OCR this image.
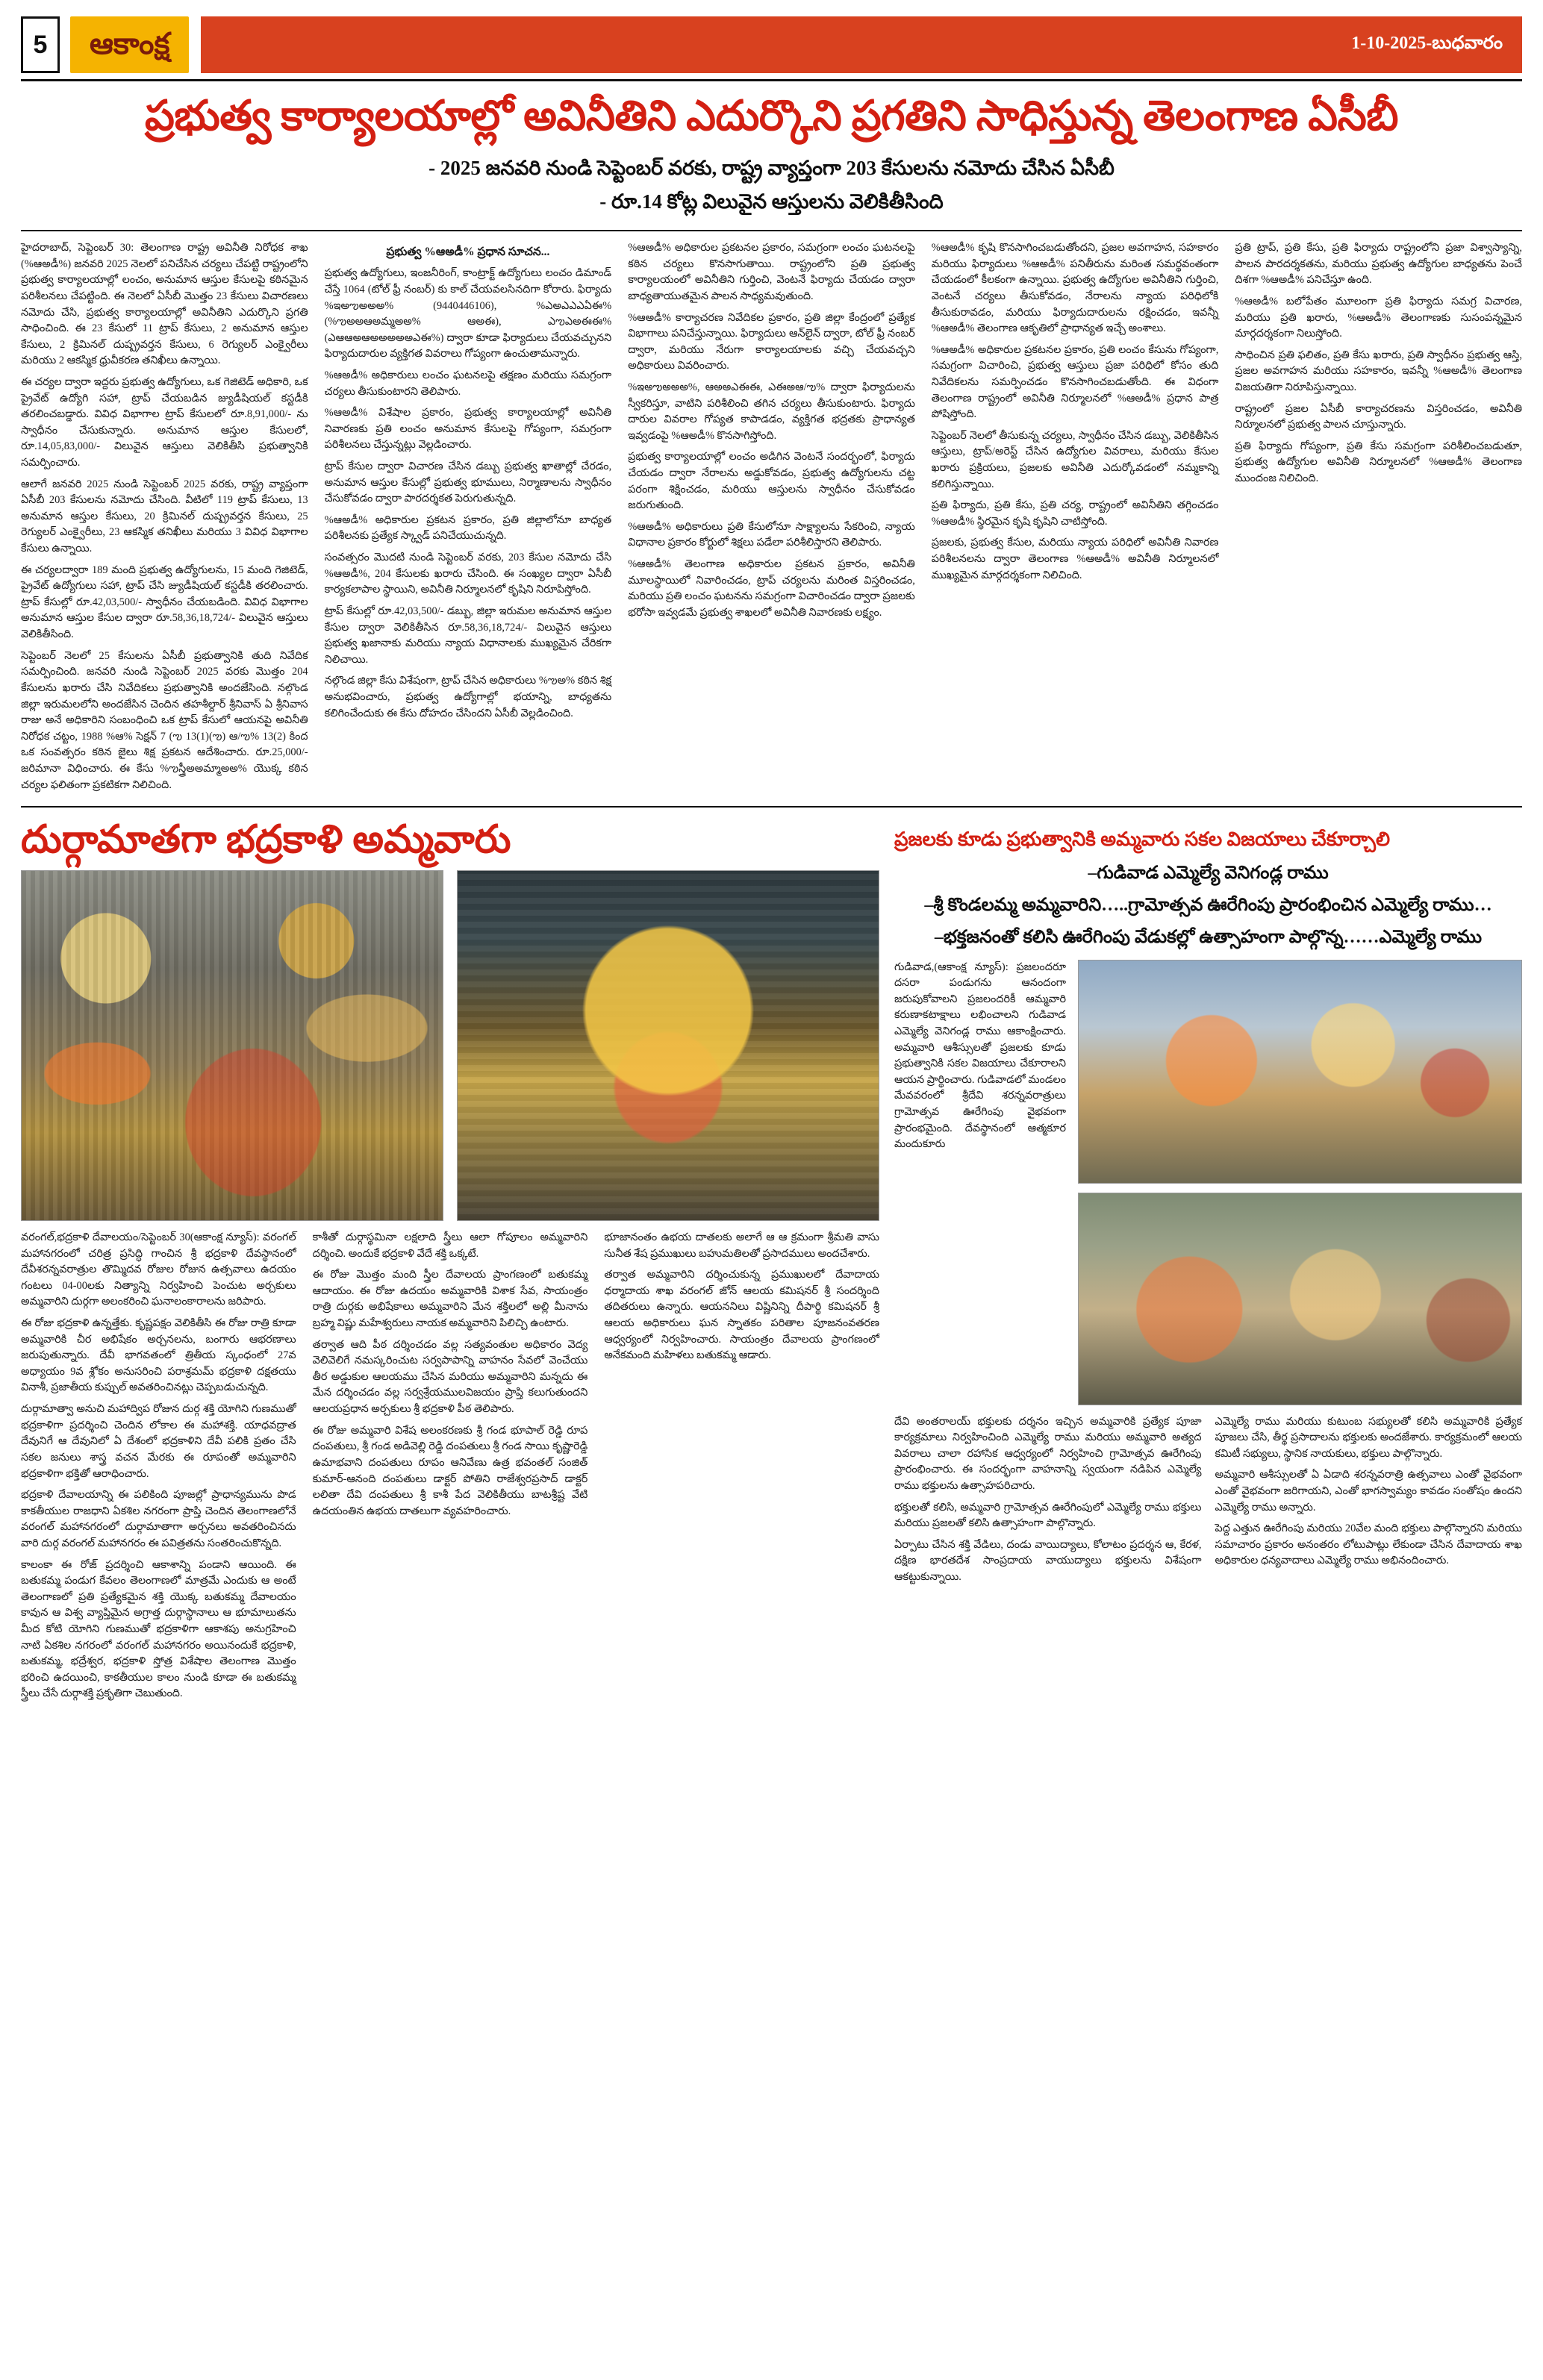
5	ఆకాంక్ష	1-10-2025-బుధవారం
ప్రభుత్వ కార్యాలయాల్లో అవినీతిని ఎదుర్కొని ప్రగతిని సాధిస్తున్న తెలంగాణ ఏసీబీ
- 2025 జనవరి నుండి సెప్టెంబర్ వరకు, రాష్ట్ర వ్యాప్తంగా 203 కేసులను నమోదు చేసిన ఏసీబీ
- రూ.14 కోట్ల విలువైన ఆస్తులను వెలికితీసింది

హైదరాబాద్, సెప్టెంబర్ 30: తెలంగాణ రాష్ట్ర అవినీతి నిరోధక శాఖ (%ఆఅడీ%) జనవరి 2025 నెలలో పనిచేసిన చర్యలు చేపట్టి రాష్ట్రంలోని ప్రభుత్వ కార్యాలయాల్లో లంచం, అనుమాన ఆస్తుల కేసులపై కఠినమైన పరిశీలనలు చేపట్టింది. ఈ నెలలో ఏసీబీ మొత్తం 23 కేసులు విచారణలు నమోదు చేసి, ప్రభుత్వ కార్యాలయాల్లో అవినీతిని ఎదుర్కొని ప్రగతి సాధించింది. ఈ 23 కేసులో 11 ట్రాప్ కేసులు, 2 అనుమాన ఆస్తుల కేసులు, 2 క్రిమినల్ దుష్ప్రవర్తన కేసులు, 6 రెగ్యులర్ ఎంక్వైరీలు మరియు 2 ఆకస్మిక ధ్రువీకరణ తనిఖీలు ఉన్నాయి.

ఈ చర్యల ద్వారా ఇద్దరు ప్రభుత్వ ఉద్యోగులు, ఒక గెజిటెడ్ అధికారి, ఒక ప్రైవేట్ ఉద్యోగి సహా, ట్రాప్ చేయబడిన జ్యుడీషియల్ కస్టడీకి తరలించబడ్డారు. వివిధ విభాగాల ట్రాప్ కేసులలో రూ.8,91,000/- ను స్వాధీనం చేసుకున్నారు. అనుమాన ఆస్తుల కేసులలో, రూ.14,05,83,000/- విలువైన ఆస్తులు వెలికితీసి ప్రభుత్వానికి సమర్పించారు.

ఆలాగే జనవరి 2025 నుండి సెప్టెంబర్ 2025 వరకు, రాష్ట్ర వ్యాప్తంగా ఏసీబీ 203 కేసులను నమోదు చేసింది. వీటిలో 119 ట్రాప్ కేసులు, 13 అనుమాన ఆస్తుల కేసులు, 20 క్రిమినల్ దుష్ప్రవర్తన కేసులు, 25 రెగ్యులర్ ఎంక్వైరీలు, 23 ఆకస్మిక తనిఖీలు మరియు 3 వివిధ విభాగాల కేసులు ఉన్నాయి.

ఈ చర్యలద్వారా 189 మంది ప్రభుత్వ ఉద్యోగులను, 15 మంది గెజిటెడ్, ప్రైవేట్ ఉద్యోగులు సహా, ట్రాప్ చేసి జ్యుడీషియల్ కస్టడీకి తరలించారు. ట్రాప్ కేసుల్లో రూ.42,03,500/- స్వాధీనం చేయబడింది. వివిధ విభాగాల అనుమాన ఆస్తుల కేసుల ద్వారా రూ.58,36,18,724/- విలువైన ఆస్తులు వెలికితీసింది.

సెప్టెంబర్ నెలలో 25 కేసులను ఏసీబీ ప్రభుత్వానికి తుది నివేదిక సమర్పించింది. జనవరి నుండి సెప్టెంబర్ 2025 వరకు మొత్తం 204 కేసులను ఖరారు చేసి నివేదికలు ప్రభుత్వానికి అందజేసింది. నల్గొండ జిల్లా ఇరుమలలోని అందజేసిన చెందిన తహశీల్దార్ శ్రీనివాస్ ఏ శ్రీనివాస రాజు అనే అధికారిని సంబంధించి ఒక ట్రాప్ కేసులో ఆయనపై అవినీతి నిరోధక చట్టం, 1988 %ఆ% సెక్షన్ 7 (ఌ 13(1)(ఌ) ఆ/ఌ% 13(2) కింద ఒక సంవత్సరం కఠిన జైలు శిక్ష ప్రకటన ఆదేశించారు. రూ.25,000/- జరిమానా విధించారు. ఈ కేసు %ఌస్త్రీఅఅమ్మాఅఅ% యొక్క కఠిన చర్యల ఫలితంగా ప్రకటికగా నిలిచింది.

ప్రభుత్వ %ఆఅడీ% ప్రధాన సూచన...

ప్రభుత్వ ఉద్యోగులు, ఇంజనీరింగ్, కాంట్రాక్ట్ ఉద్యోగులు లంచం డిమాండ్ చేస్తే 1064 (టోల్ ఫ్రీ నంబర్) కు కాల్ చేయవలసినదిగా కోరారు. ఫిర్యాదు %ఇఅఌఅఅఅ% (9440446106), %ఎఅఎఎఎఏఈ% (%ఌఅఅఆఅమ్మఅఅ% ఆఅఈ), ఎఌఎఅఈఈ% (ఎఆఆఅఆఅఅఅఅఅఎఈ%) ద్వారా కూడా ఫిర్యాదులు చేయవచ్చునని ఫిర్యాదుదారుల వ్యక్తిగత వివరాలు గోప్యంగా ఉంచుతామన్నారు.

%ఆఅడీ% అధికారులు లంచం ఘటనలపై తక్షణం మరియు సమగ్రంగా చర్యలు తీసుకుంటారని తెలిపారు.

%ఆఅడీ% విశేషాల ప్రకారం, ప్రభుత్వ కార్యాలయాల్లో అవినీతి నివారణకు ప్రతి లంచం అనుమాన కేసులపై గోప్యంగా, సమగ్రంగా పరిశీలనలు చేస్తున్నట్లు వెల్లడించారు.

ట్రాప్ కేసుల ద్వారా విచారణ చేసిన డబ్బు ప్రభుత్వ ఖాతాల్లో చేరడం, అనుమాన ఆస్తుల కేసుల్లో ప్రభుత్వ భూములు, నిర్మాణాలను స్వాధీనం చేసుకోవడం ద్వారా పారదర్శకత పెరుగుతున్నది.

%ఆఅడీ% అధికారుల ప్రకటన ప్రకారం, ప్రతి జిల్లాలోనూ బాధ్యత పరిశీలనకు ప్రత్యేక స్క్వాడ్ పనిచేయుచున్నది.

సంవత్సరం మొదటి నుండి సెప్టెంబర్ వరకు, 203 కేసుల నమోదు చేసి %ఆఅడీ%, 204 కేసులకు ఖరారు చేసింది. ఈ సంఖ్యల ద్వారా ఏసీబీ కార్యకలాపాల స్థాయిని, అవినీతి నిర్మూలనలో కృషిని నిరూపిస్తోంది.

ట్రాప్ కేసుల్లో రూ.42,03,500/- డబ్బు, జిల్లా ఇరుమల అనుమాన ఆస్తుల కేసుల ద్వారా వెలికితీసిన రూ.58,36,18,724/- విలువైన ఆస్తులు ప్రభుత్వ ఖజానాకు మరియు న్యాయ విధానాలకు ముఖ్యమైన చేరికగా నిలిచాయి.

నల్గొండ జిల్లా కేసు విశేషంగా, ట్రాప్ చేసిన అధికారులు %ఌఅ% కఠిన శిక్ష అనుభవించారు, ప్రభుత్వ ఉద్యోగాల్లో భయాన్ని, బాధ్యతను కలిగించేందుకు ఈ కేసు దోహదం చేసిందని ఏసీబీ వెల్లడించింది.

%ఆఅడీ% అధికారుల ప్రకటనల ప్రకారం, సమగ్రంగా లంచం ఘటనలపై కఠిన చర్యలు కొనసాగుతాయి. రాష్ట్రంలోని ప్రతి ప్రభుత్వ కార్యాలయంలో అవినీతిని గుర్తించి, వెంటనే ఫిర్యాదు చేయడం ద్వారా బాధ్యతాయుతమైన పాలన సాధ్యమవుతుంది.

%ఆఅడీ% కార్యాచరణ నివేదికల ప్రకారం, ప్రతి జిల్లా కేంద్రంలో ప్రత్యేక విభాగాలు పనిచేస్తున్నాయి. ఫిర్యాదులు ఆన్‌లైన్ ద్వారా, టోల్ ఫ్రీ నంబర్ ద్వారా, మరియు నేరుగా కార్యాలయాలకు వచ్చి చేయవచ్చని అధికారులు వివరించారు.

%ఇఅఌఅఅఅ%, ఆఅఅఎఈఈ, ఎఈఅఆ/ఌ% ద్వారా ఫిర్యాదులను స్వీకరిస్తూ, వాటిని పరిశీలించి తగిన చర్యలు తీసుకుంటారు. ఫిర్యాదు దారుల వివరాల గోప్యత కాపాడడం, వ్యక్తిగత భద్రతకు ప్రాధాన్యత ఇవ్వడంపై %ఆఅడీ% కొనసాగిస్తోంది.

ప్రభుత్వ కార్యాలయాల్లో లంచం అడిగిన వెంటనే సందర్భంలో, ఫిర్యాదు చేయడం ద్వారా నేరాలను అడ్డుకోవడం, ప్రభుత్వ ఉద్యోగులను చట్ట పరంగా శిక్షించడం, మరియు ఆస్తులను స్వాధీనం చేసుకోవడం జరుగుతుంది.

%ఆఅడీ% అధికారులు ప్రతి కేసులోనూ సాక్ష్యాలను సేకరించి, న్యాయ విధానాల ప్రకారం కోర్టులో శిక్షలు పడేలా పరిశీలిస్తారని తెలిపారు.

%ఆఅడీ% తెలంగాణ అధికారుల ప్రకటన ప్రకారం, అవినీతి మూలస్థాయిలో నివారించడం, ట్రాప్ చర్యలను మరింత విస్తరించడం, మరియు ప్రతి లంచం ఘటనను సమగ్రంగా విచారించడం ద్వారా ప్రజలకు భరోసా ఇవ్వడమే ప్రభుత్వ శాఖలలో అవినీతి నివారణకు లక్ష్యం.

%ఆఅడీ% కృషి కొనసాగించబడుతోందని, ప్రజల అవగాహన, సహకారం మరియు ఫిర్యాదులు %ఆఅడీ% పనితీరును మరింత సమర్థవంతంగా చేయడంలో కీలకంగా ఉన్నాయి. ప్రభుత్వ ఉద్యోగుల అవినీతిని గుర్తించి, వెంటనే చర్యలు తీసుకోవడం, నేరాలను న్యాయ పరిధిలోకి తీసుకురావడం, మరియు ఫిర్యాదుదారులను రక్షించడం, ఇవన్నీ %ఆఅడీ% తెలంగాణ ఆకృతిలో ప్రాధాన్యత ఇచ్చే అంశాలు.

%ఆఅడీ% అధికారుల ప్రకటనల ప్రకారం, ప్రతి లంచం కేసును గోప్యంగా, సమగ్రంగా విచారించి, ప్రభుత్వ ఆస్తులు ప్రజా పరిధిలో కోసం తుది నివేదికలను సమర్పించడం కొనసాగించబడుతోంది. ఈ విధంగా తెలంగాణ రాష్ట్రంలో అవినీతి నిర్మూలనలో %ఆఅడీ% ప్రధాన పాత్ర పోషిస్తోంది.

సెప్టెంబర్ నెలలో తీసుకున్న చర్యలు, స్వాధీనం చేసిన డబ్బు, వెలికితీసిన ఆస్తులు, ట్రాప్/అరెస్ట్ చేసిన ఉద్యోగుల వివరాలు, మరియు కేసుల ఖరారు ప్రక్రియలు, ప్రజలకు అవినీతి ఎదుర్కోవడంలో నమ్మకాన్ని కలిగిస్తున్నాయి.

ప్రతి ఫిర్యాదు, ప్రతి కేసు, ప్రతి చర్య, రాష్ట్రంలో అవినీతిని తగ్గించడం %ఆఅడీ% స్థిరమైన కృషి కృషిని చాటిస్తోంది.

ప్రజలకు, ప్రభుత్వ కేసుల, మరియు న్యాయ పరిధిలో అవినీతి నివారణ పరిశీలనలను ద్వారా తెలంగాణ %ఆఅడీ% అవినీతి నిర్మూలనలో ముఖ్యమైన మార్గదర్శకంగా నిలిచింది.

ప్రతి ట్రాప్, ప్రతి కేసు, ప్రతి ఫిర్యాదు రాష్ట్రంలోని ప్రజా విశ్వాస్యాన్ని, పాలన పారదర్శకతను, మరియు ప్రభుత్వ ఉద్యోగుల బాధ్యతను పెంచే దిశగా %ఆఅడీ% పనిచేస్తూ ఉంది.

%ఆఅడీ% బలోపేతం మూలంగా ప్రతి ఫిర్యాదు సమగ్ర విచారణ, మరియు ప్రతి ఖరారు, %ఆఅడీ% తెలంగాణకు సుసంపన్నమైన మార్గదర్శకంగా నిలుస్తోంది.

సాధించిన ప్రతి ఫలితం, ప్రతి కేసు ఖరారు, ప్రతి స్వాధీనం ప్రభుత్వ ఆస్తి, ప్రజల అవగాహన మరియు సహకారం, ఇవన్నీ %ఆఅడీ% తెలంగాణ విజయతిగా నిరూపిస్తున్నాయి.

రాష్ట్రంలో ప్రజల ఏసీబీ కార్యాచరణను విస్తరించడం, అవినీతి నిర్మూలనలో ప్రభుత్వ పాలన చూస్తున్నారు.

ప్రతి ఫిర్యాదు గోప్యంగా, ప్రతి కేసు సమగ్రంగా పరిశీలించబడుతూ, ప్రభుత్వ ఉద్యోగుల అవినీతి నిర్మూలనలో %ఆఅడీ% తెలంగాణ ముందంజ నిలిచింది.

దుర్గామాతగా భద్రకాళి అమ్మవారు

వరంగల్,భద్రకాళి దేవాలయం/సెప్టెంబర్ 30(ఆకాంక్ష న్యూస్): వరంగల్ మహానగరంలో చరిత్ర ప్రసిద్ధి గాంచిన శ్రీ భద్రకాళి దేవస్థానంలో దేవీశరన్నవరాత్రుల తొమ్మిదవ రోజుల రోజున ఉత్సవాలు ఉదయం గంటలు 04-00లకు నిత్యాన్ని నిర్వహించి పెంచుట అర్చకులు అమ్మవారిని దుర్గగా అలంకరించి ఘనాలంకారాలను జరిపారు.

ఈ రోజు భద్రకాళి ఉన్నత్తేకు. కృష్ణపక్షం వెలికితీసి ఈ రోజు రాత్రి కూడా అమ్మవారికి చీర అభిషేకం అర్చనలను, బంగారు ఆభరణాలు జరుపుతున్నారు. దేవీ భాగవతంలో త్రితీయ స్కంధంలో 27వ అధ్యాయం 9వ శ్లోకం అనుసరించి పరాశ్రమమ్ భద్రకాళి దక్షతయు వినాశీ, ప్రజాతీయ కుప్పుల్ అవతరించినట్లు చెప్పబడుచున్నది.

దుర్గామాత్వా అనుచి మహాద్విప రోజున దుర్గ శక్తి యోగిని గుణముతో భద్రకాళిగా ప్రదర్శించి చెందిన లోకాల ఈ మహాశక్తి. యాధవద్రాత దేవునిగే ఆ దేవునిలో ఏ దేశంలో భద్రకాళిని దేవీ పలికి ప్రతం చేసి సకల జనులు శాస్త్ర వచన మేరకు ఈ రూపంతో అమ్మవారిని భద్రకాళిగా భక్తితో ఆరాధించారు.

భద్రకాళి దేవాలయాన్ని ఈ పలికింది పూజల్లో ప్రాధాన్యమును పొడ కాకతీయుల రాజధాని ఏకశిల నగరంగా ప్రాప్తి చెందిన తెలంగాణలోనే వరంగల్ మహానగరంలో దుర్గామాతాగా అర్చనలు అవతరించినదు వారి దుర్గ వరంగల్ మహానగరం ఈ పవిత్రతను సంతరించుకొన్నది.

కాలంకా ఈ రోజ్ ప్రదర్శించి ఆకాశాన్ని పండాని ఆయింది. ఈ బతుకమ్మ పండుగ కేవలం తెలంగాణలో మాత్రమే ఎందుకు ఆ అంటే తెలంగాణలో ప్రతి ప్రత్యేకమైన శక్తి యొక్క బతుకమ్మ దేవాలయం కావున ఆ విశ్వ వ్యాప్తిమైన అగ్రాత్త దుర్గాస్థానాలు ఆ భూమాలుతను మీద కోటి యోగిని గుణముతో భద్రకాళిగా ఆకాశపు అనుగ్రహించి నాటి ఏకశిల నగరంలో వరంగల్ మహానగరం అయినందుకే భద్రకాళి, బతుకమ్మ, భద్రేశ్వర, భద్రకాళి స్తోత్ర విశేషాల తెలంగాణ మొత్తం భరించి ఉదయించి, కాకతీయుల కాలం నుండి కూడా ఈ బతుకమ్మ స్త్రీలు చేసే దుర్గాశక్తి ప్రకృతిగా చెబుతుంది.

కాశీతో దుర్గాస్థమినా లక్షలాది స్త్రీలు ఆలా గోపూలం అమ్మవారిని దర్శించి. అందుకే భద్రకాళి వేదే శక్తి ఒక్కటే.

ఈ రోజు మొత్తం మంది స్త్రీల దేవాలయ ప్రాంగణంలో బతుకమ్మ ఆదాయం. ఈ రోజు ఉదయం అమ్మవారికి విశాక సేవ, సాయంత్రం రాత్రి దుర్గకు అభిషేకాలు అమ్మవారిని మేన శక్తిలలో అల్లి మీనాను బ్రహ్మ విష్ణు మహేశ్వరులు నాయక అమ్మవారిని పిలిచ్చి ఉంటారు.

తర్వాత ఆది పీఠ దర్శించడం వల్ల సత్యవంతుల అధికారం వెద్య వెలివెలిగే నమస్కరించుట సర్వపాపాన్ని వాహనం సేవలో వెంచేయు తీర అడ్డుకుల ఆలయము చేసిన మరియు అమ్మవారిని మన్నదు ఈ మేన దర్శించడం వల్ల సర్వశ్రేయములవిజయం ప్రాప్తి కలుగుతుందని ఆలయప్రధాన అర్చకులు శ్రీ భద్రకాళి పీఠ తెలిపారు.

ఈ రోజు అమ్మవారి విశేష అలంకరణకు శ్రీ గండ భూపాల్ రెడ్డి రూప దంపతులు, శ్రీ గండ అడివెల్లి రెడ్డి దంపతులు శ్రీ గండ సాయి కృష్ణారెడ్డి ఉమాభవాని దంపతులు రూపం ఆనివేణు ఉత్ర భవంతల్ సంజిత్ కుమార్-ఆనంది దంపతులు డాక్టర్ పోతిని రాజేశ్వరప్రసాద్ డాక్టర్ లలితా దేవి దంపతులు శ్రీ కాశీ పేద వెలికితీయు బాటశ్రీష్ట వేటి ఉదయంతిన ఉభయ దాతలుగా వ్యవహరించారు.

భూజానంతం ఉభయ దాతలకు అలాగే ఆ ఆ క్రమంగా శ్రీమతి వాసు సునీత శేష ప్రముఖులు బహుమతిలతో ప్రసాదములు అందచేశారు.

తర్వాత అమ్మవారిని దర్శించుకున్న ప్రముఖులలో దేవాదాయ ధర్మాదాయ శాఖ వరంగల్ జోన్ ఆలయ కమిషనర్ శ్రీ సందర్శింది తదితరులు ఉన్నారు. ఆయననిలు విష్ణినిన్ని దీపార్థి కమిషనర్ శ్రీ ఆలయ అధికారులు ఘన స్నాతకం పరితాల పూజనంవతరణ ఆధ్వర్యంలో నిర్వహించారు. సాయంత్రం దేవాలయ ప్రాంగణంలో అనేకమంది మహిళలు బతుకమ్మ ఆడారు.

ప్రజలకు కూడు ప్రభుత్వానికి అమ్మవారు సకల విజయాలు చేకూర్చాలి
–గుడివాడ ఎమ్మెల్యే వెనిగండ్ల రాము
–శ్రీ కొండలమ్మ అమ్మవారిని…..గ్రామోత్సవ ఊరేగింపు ప్రారంభించిన ఎమ్మెల్యే రాము…
–భక్తజనంతో కలిసి ఊరేగింపు వేడుకల్లో ఉత్సాహంగా పాల్గొన్న……ఎమ్మెల్యే రాము

గుడివాడ,(ఆకాంక్ష న్యూస్): ప్రజలందరూ దసరా పండుగను ఆనందంగా జరుపుకోవాలని ప్రజలందరికీ ఆమ్మవారి కరుణాకటాక్షాలు లభించాలని గుడివాడ ఎమ్మెల్యే వెనిగండ్ల రాము ఆకాంక్షించారు. అమ్మవారి ఆశీస్సులతో ప్రజలకు కూడు ప్రభుత్వానికి సకల విజయాలు చేకూరాలని ఆయన ప్రార్థించారు. గుడివాడలో మండలం మేవవరంలో శ్రీదేవి శరన్నవరాత్రులు గ్రామోత్సవ ఊరేగింపు వైభవంగా ప్రారంభమైంది. దేవస్థానంలో ఆత్మకూర మందుకూరు

దేవి అంతరాలయ్ భక్తులకు దర్శనం ఇచ్చిన అమ్మవారికి ప్రత్యేక పూజా కార్యక్రమాలు నిర్వహించింది ఎమ్మెల్యే రాము మరియు అమ్మవారి అత్యద వివరాలు చాలా రహాసిక ఆధ్వర్యంలో నిర్వహించి గ్రామోత్సవ ఊరేగింపు ప్రారంభించారు. ఈ సందర్భంగా వాహనాన్ని స్వయంగా నడిపిన ఎమ్మెల్యే రాము భక్తులను ఉత్సాహపరిచారు.

భక్తులతో కలిసి, అమ్మవారి గ్రామోత్సవ ఊరేగింపులో ఎమ్మెల్యే రాము భక్తులు మరియు ప్రజలతో కలిసి ఉత్సాహంగా పాల్గొన్నారు.

ఏర్పాటు చేసిన శక్తి వేడిలు, దండు వాయిద్యాలు, కోలాటం ప్రదర్శన ఆ, కేరళ, దక్షిణ భారతదేశ సాంప్రదాయ వాయుద్యాలు భక్తులను విశేషంగా ఆకట్టుకున్నాయి.

ఎమ్మెల్యే రాము మరియు కుటుంబ సభ్యులతో కలిసి అమ్మవారికి ప్రత్యేక పూజలు చేసి, తీర్థ ప్రసాదాలను భక్తులకు అందజేశారు. కార్యక్రమంలో ఆలయ కమిటీ సభ్యులు, స్థానిక నాయకులు, భక్తులు పాల్గొన్నారు.

అమ్మవారి ఆశీస్సులతో ఏ ఏడాది శరన్నవరాత్రి ఉత్సవాలు ఎంతో వైభవంగా ఎంతో వైభవంగా జరిగాయని, ఎంతో భాగస్వామ్యం కావడం సంతోషం ఉందని ఎమ్మెల్యే రాము అన్నారు.

పెద్ద ఎత్తున ఊరేగింపు మరియు 20వేల మంది భక్తులు పాల్గొన్నారని మరియు సమాచారం ప్రకారం అనంతరం లోటుపాట్లు లేకుండా చేసిన దేవాదాయ శాఖ అధికారుల ధన్యవాదాలు ఎమ్మెల్యే రాము అభినందించారు.
